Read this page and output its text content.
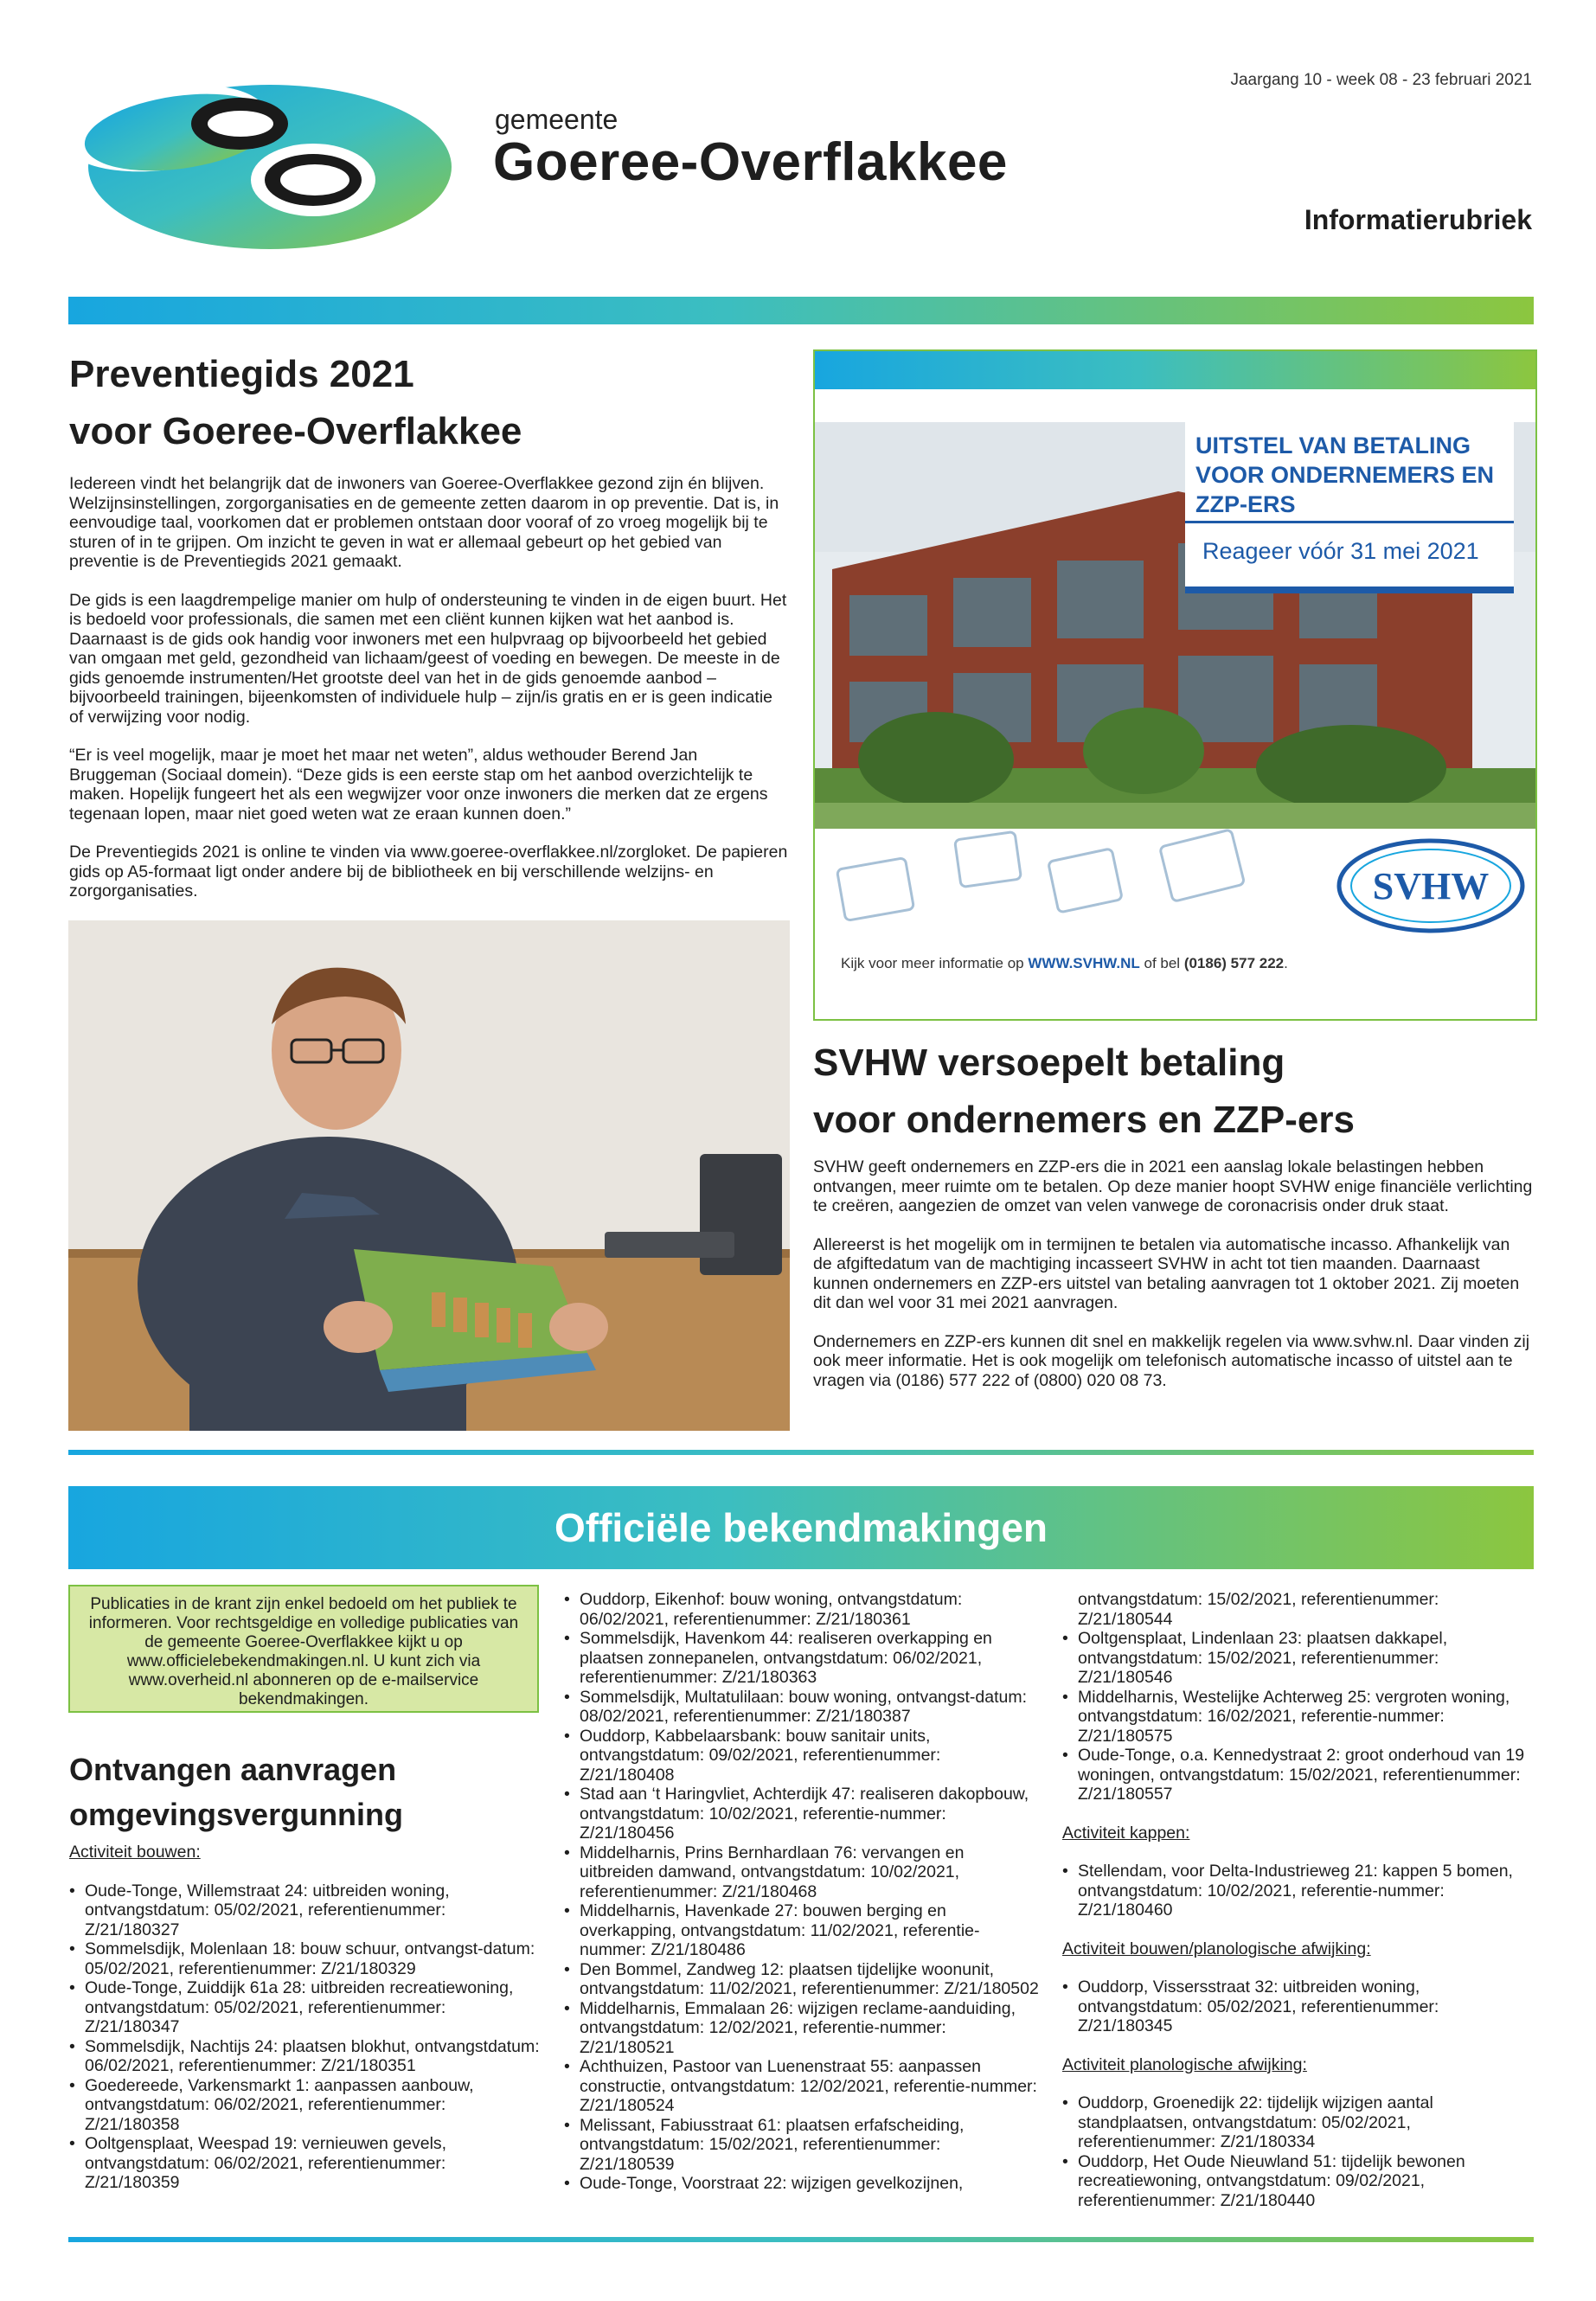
Jaargang 10 - week 08 - 23 februari 2021
gemeente
Goeree-Overflakkee
Informatierubriek
Preventiegids 2021
voor Goeree-Overflakkee

Iedereen vindt het belangrijk dat de inwoners van Goeree-Overflakkee gezond zijn én blijven. Welzijnsinstellingen, zorgorganisaties en de gemeente zetten daarom in op preventie. Dat is, in eenvoudige taal, voorkomen dat er problemen ontstaan door vooraf of zo vroeg mogelijk bij te sturen of in te grijpen. Om inzicht te geven in wat er allemaal gebeurt op het gebied van preventie is de Preventiegids 2021 gemaakt.

De gids is een laagdrempelige manier om hulp of ondersteuning te vinden in de eigen buurt. Het is bedoeld voor professionals, die samen met een cliënt kunnen kijken wat het aanbod is. Daarnaast is de gids ook handig voor inwoners met een hulpvraag op bijvoorbeeld het gebied van omgaan met geld, gezondheid van lichaam/geest of voeding en bewegen. De meeste in de gids genoemde instrumenten/Het grootste deel van het in de gids genoemde aanbod – bijvoorbeeld trainingen, bijeenkomsten of individuele hulp – zijn/is gratis en er is geen indicatie of verwijzing voor nodig.

“Er is veel mogelijk, maar je moet het maar net weten”, aldus wethouder Berend Jan Bruggeman (Sociaal domein). “Deze gids is een eerste stap om het aanbod overzichtelijk te maken. Hopelijk fungeert het als een wegwijzer voor onze inwoners die merken dat ze ergens tegenaan lopen, maar niet goed weten wat ze eraan kunnen doen.”

De Preventiegids 2021 is online te vinden via www.goeree-overflakkee.nl/zorgloket. De papieren gids op A5-formaat ligt onder andere bij de bibliotheek en bij verschillende welzijns- en zorgorganisaties.

UITSTEL VAN BETALING VOOR ONDERNEMERS EN ZZP-ERS
Reageer vóór 31 mei 2021
SVHW
Kijk voor meer informatie op WWW.SVHW.NL of bel (0186) 577 222.
SVHW versoepelt betaling
voor ondernemers en ZZP-ers

SVHW geeft ondernemers en ZZP-ers die in 2021 een aanslag lokale belastingen hebben ontvangen, meer ruimte om te betalen. Op deze manier hoopt SVHW enige financiële verlichting te creëren, aangezien de omzet van velen vanwege de coronacrisis onder druk staat.

Allereerst is het mogelijk om in termijnen te betalen via automatische incasso. Afhankelijk van de afgiftedatum van de machtiging incasseert SVHW in acht tot tien maanden. Daarnaast kunnen ondernemers en ZZP-ers uitstel van betaling aanvragen tot 1 oktober 2021. Zij moeten dit dan wel voor 31 mei 2021 aanvragen.

Ondernemers en ZZP-ers kunnen dit snel en makkelijk regelen via www.svhw.nl. Daar vinden zij ook meer informatie. Het is ook mogelijk om telefonisch automatische incasso of uitstel aan te vragen via (0186) 577 222 of (0800) 020 08 73.

Officiële bekendmakingen
Publicaties in de krant zijn enkel bedoeld om het publiek te informeren. Voor rechtsgeldige en volledige publicaties van de gemeente Goeree-Overflakkee kijkt u op www.officielebekendmakingen.nl. U kunt zich via www.overheid.nl abonneren op de e-mailservice bekendmakingen.
Ontvangen aanvragen
omgevingsvergunning
Activiteit bouwen:
• Oude-Tonge, Willemstraat 24: uitbreiden woning, ontvangstdatum: 05/02/2021, referentienummer: Z/21/180327
• Sommelsdijk, Molenlaan 18: bouw schuur, ontvangst-datum: 05/02/2021, referentienummer: Z/21/180329
• Oude-Tonge, Zuiddijk 61a 28: uitbreiden recreatiewoning, ontvangstdatum: 05/02/2021, referentienummer: Z/21/180347
• Sommelsdijk, Nachtijs 24: plaatsen blokhut, ontvangstdatum: 06/02/2021, referentienummer: Z/21/180351
• Goedereede, Varkensmarkt 1: aanpassen aanbouw, ontvangstdatum: 06/02/2021, referentienummer: Z/21/180358
• Ooltgensplaat, Weespad 19: vernieuwen gevels, ontvangstdatum: 06/02/2021, referentienummer: Z/21/180359
• Ouddorp, Eikenhof: bouw woning, ontvangstdatum: 06/02/2021, referentienummer: Z/21/180361
• Sommelsdijk, Havenkom 44: realiseren overkapping en plaatsen zonnepanelen, ontvangstdatum: 06/02/2021, referentienummer: Z/21/180363
• Sommelsdijk, Multatulilaan: bouw woning, ontvangst-datum: 08/02/2021, referentienummer: Z/21/180387
• Ouddorp, Kabbelaarsbank: bouw sanitair units, ontvangstdatum: 09/02/2021, referentienummer: Z/21/180408
• Stad aan ‘t Haringvliet, Achterdijk 47: realiseren dakopbouw, ontvangstdatum: 10/02/2021, referentie-nummer: Z/21/180456
• Middelharnis, Prins Bernhardlaan 76: vervangen en uitbreiden damwand, ontvangstdatum: 10/02/2021, referentienummer: Z/21/180468
• Middelharnis, Havenkade 27: bouwen berging en overkapping, ontvangstdatum: 11/02/2021, referentie-nummer: Z/21/180486
• Den Bommel, Zandweg 12: plaatsen tijdelijke woonunit, ontvangstdatum: 11/02/2021, referentienummer: Z/21/180502
• Middelharnis, Emmalaan 26: wijzigen reclame-aanduiding, ontvangstdatum: 12/02/2021, referentie-nummer: Z/21/180521
• Achthuizen, Pastoor van Luenenstraat 55: aanpassen constructie, ontvangstdatum: 12/02/2021, referentie-nummer: Z/21/180524
• Melissant, Fabiusstraat 61: plaatsen erfafscheiding, ontvangstdatum: 15/02/2021, referentienummer: Z/21/180539
• Oude-Tonge, Voorstraat 22: wijzigen gevelkozijnen,
ontvangstdatum: 15/02/2021, referentienummer: Z/21/180544
• Ooltgensplaat, Lindenlaan 23: plaatsen dakkapel, ontvangstdatum: 15/02/2021, referentienummer: Z/21/180546
• Middelharnis, Westelijke Achterweg 25: vergroten woning, ontvangstdatum: 16/02/2021, referentie-nummer: Z/21/180575
• Oude-Tonge, o.a. Kennedystraat 2: groot onderhoud van 19 woningen, ontvangstdatum: 15/02/2021, referentienummer: Z/21/180557
Activiteit kappen:
• Stellendam, voor Delta-Industrieweg 21: kappen 5 bomen, ontvangstdatum: 10/02/2021, referentie-nummer: Z/21/180460
Activiteit bouwen/planologische afwijking:
• Ouddorp, Vissersstraat 32: uitbreiden woning, ontvangstdatum: 05/02/2021, referentienummer: Z/21/180345
Activiteit planologische afwijking:
• Ouddorp, Groenedijk 22: tijdelijk wijzigen aantal standplaatsen, ontvangstdatum: 05/02/2021, referentienummer: Z/21/180334
• Ouddorp, Het Oude Nieuwland 51: tijdelijk bewonen recreatiewoning, ontvangstdatum: 09/02/2021, referentienummer: Z/21/180440
